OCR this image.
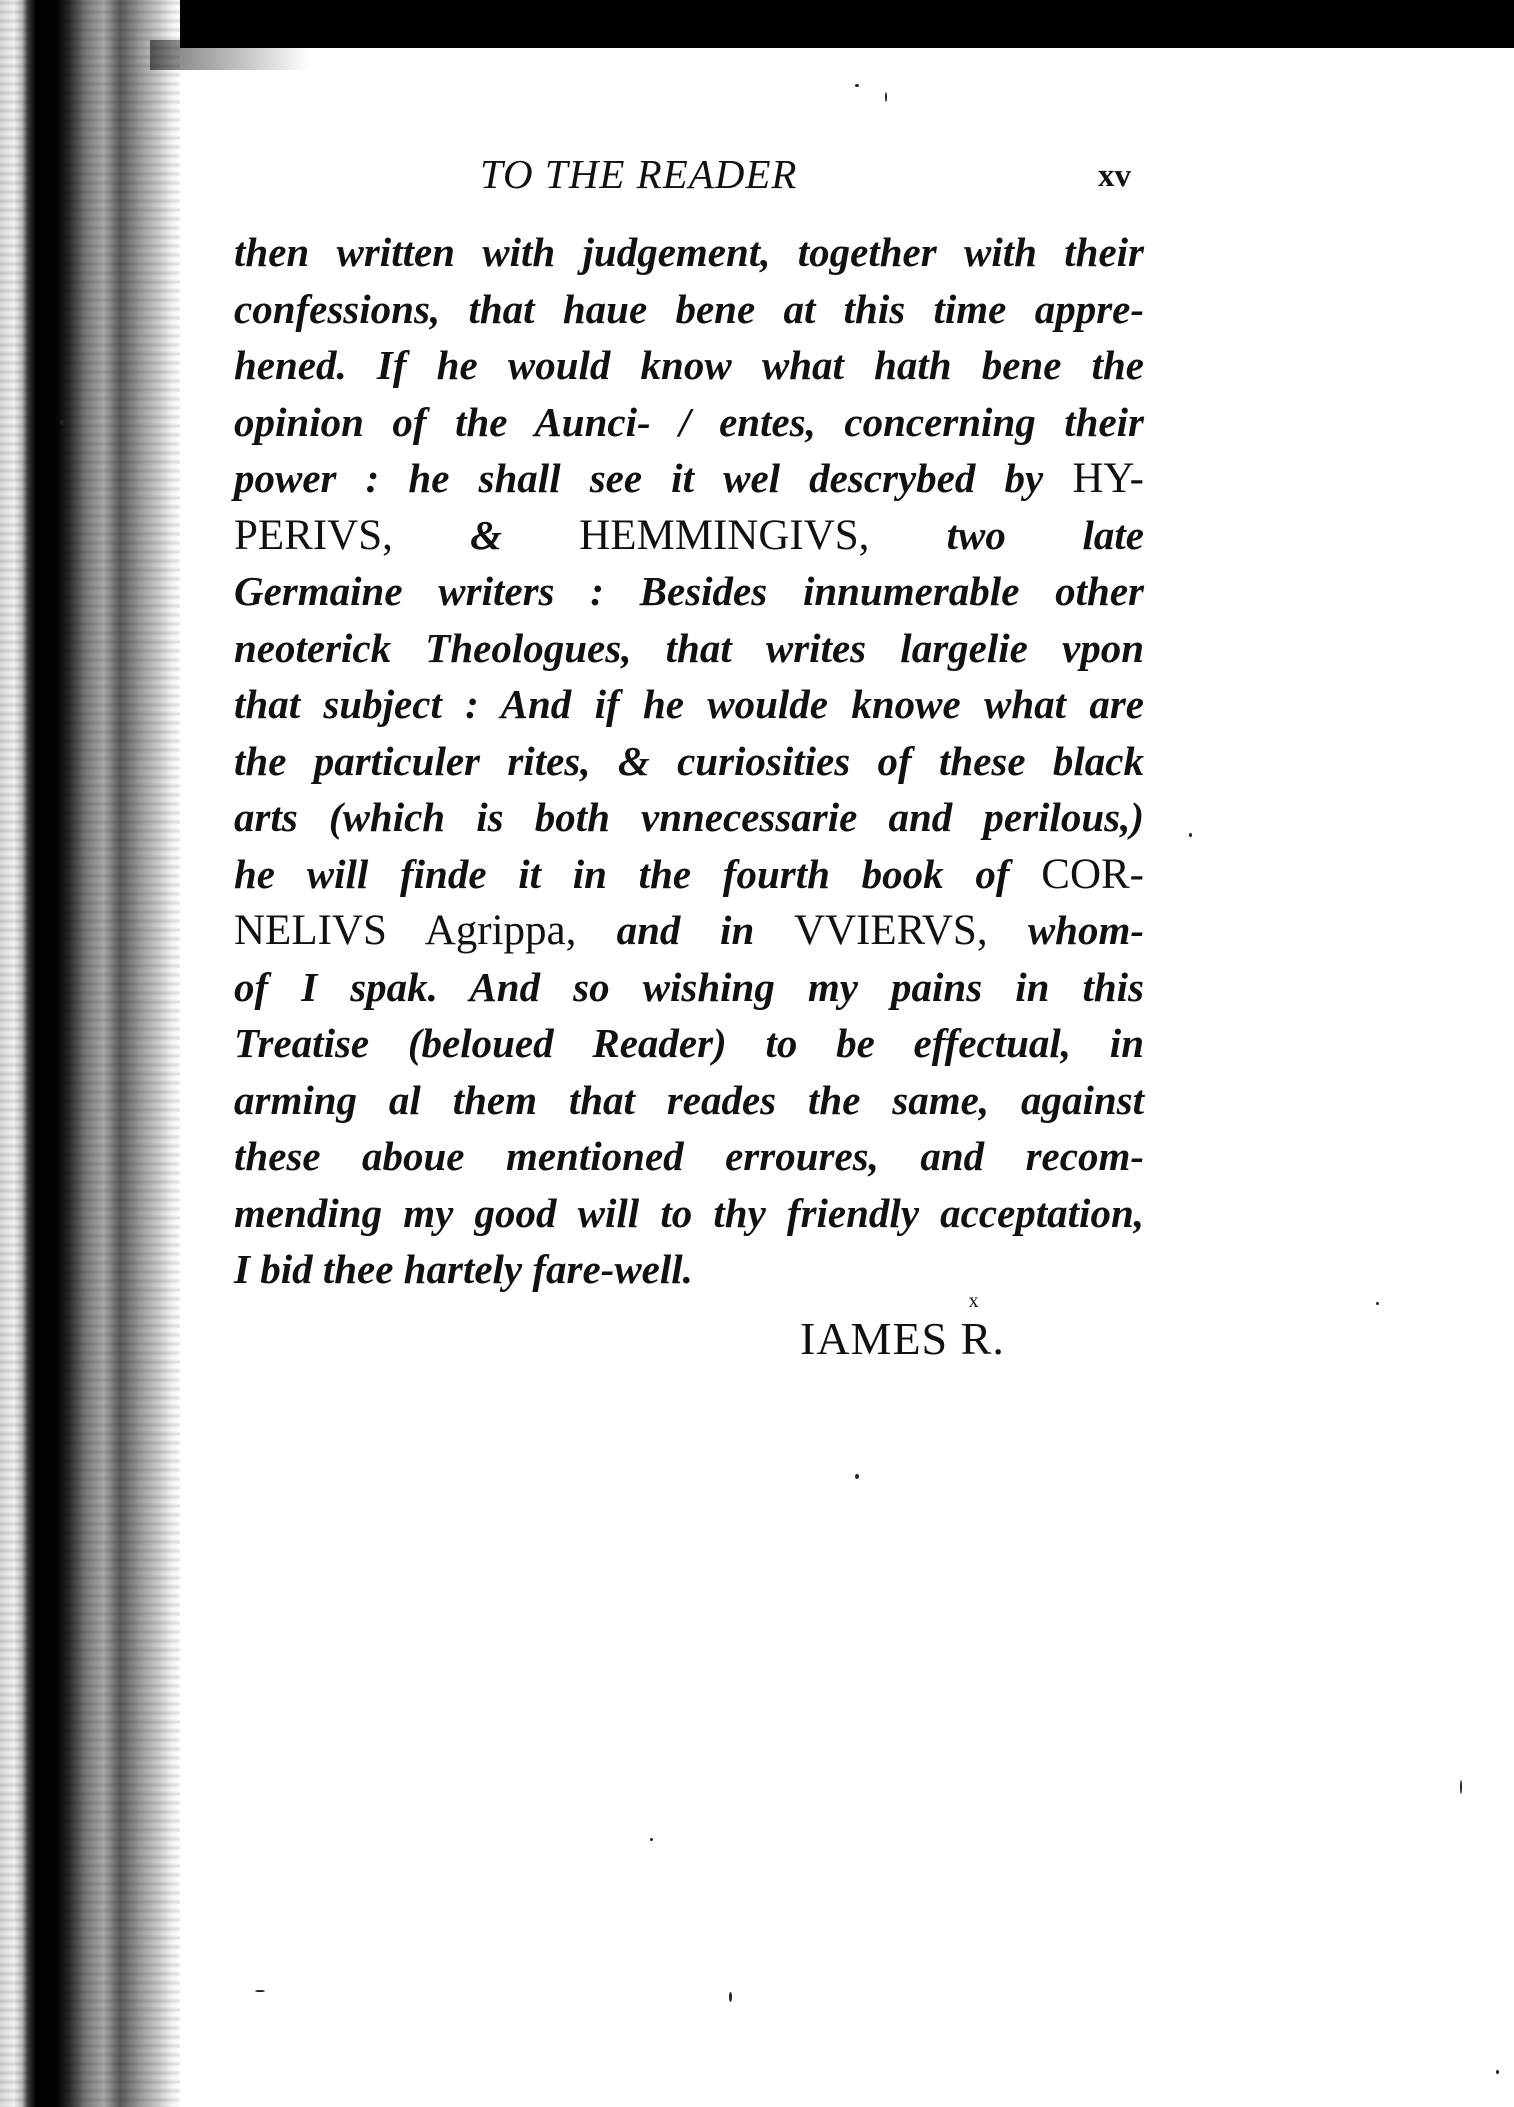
TO THE READER	xv
then written with judgement, together with their
confessions, that haue bene at this time appre-
hened. If he would know what hath bene the
opinion of the Aunci- / entes, concerning their
power : he shall see it wel descrybed by HY-
PERIVS, & HEMMINGIVS, two late
Germaine writers : Besides innumerable other
neoterick Theologues, that writes largelie vpon
that subject : And if he woulde knowe what are
the particuler rites, & curiosities of these black
arts (which is both vnnecessarie and perilous,)
he will finde it in the fourth book of COR-
NELIVS Agrippa, and in VVIERVS, whom-
of I spak. And so wishing my pains in this
Treatise (beloued Reader) to be effectual, in
arming al them that reades the same, against
these aboue mentioned erroures, and recom-
mending my good will to thy friendly acceptation,
I bid thee hartely fare-well.
IAMES
x
R.
